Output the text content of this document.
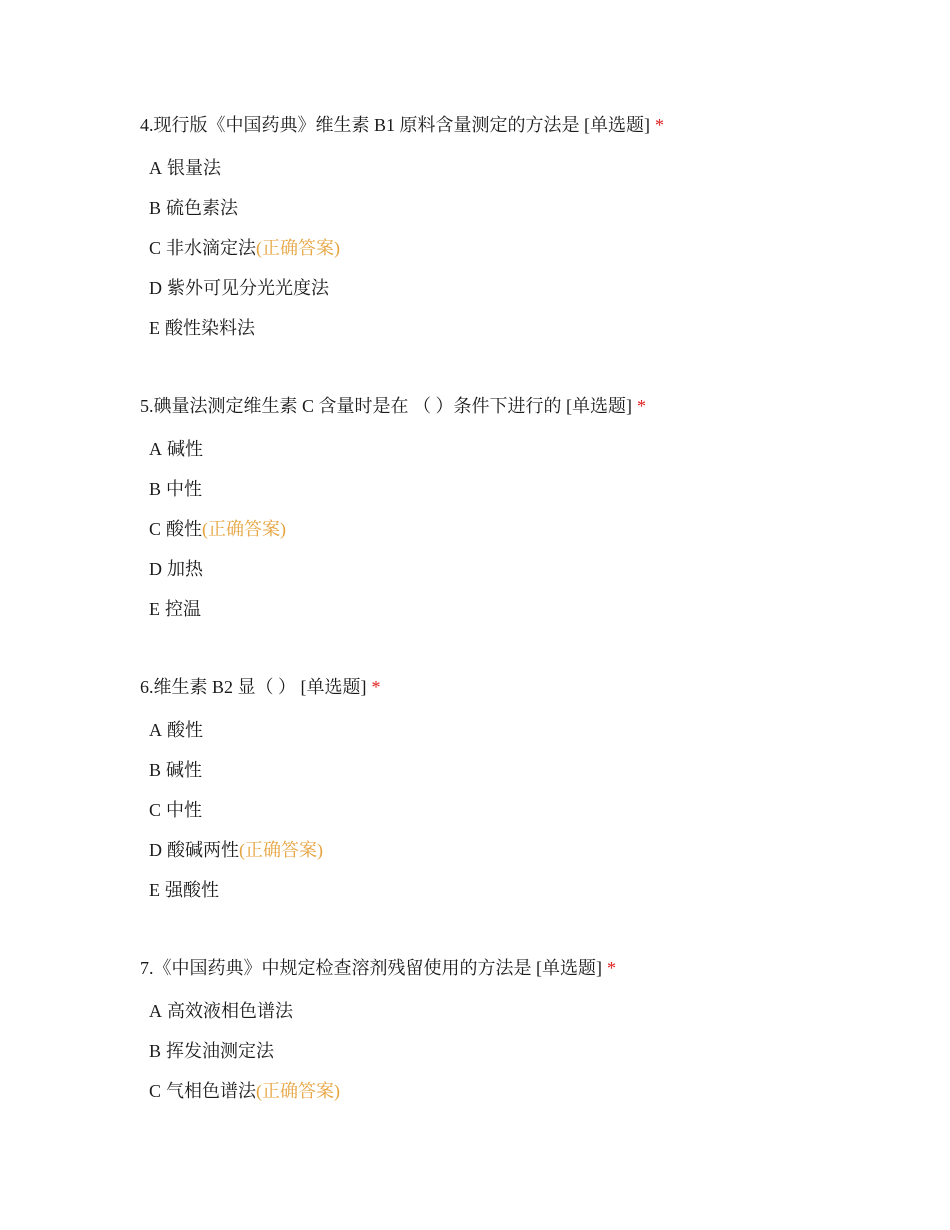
4.现行版《中国药典》维生素 B1 原料含量测定的方法是 [单选题] *
A 银量法
B 硫色素法
C 非水滴定法(正确答案)
D 紫外可见分光光度法
E 酸性染料法
5.碘量法测定维生素 C 含量时是在 （ ）条件下进行的 [单选题] *
A 碱性
B 中性
C 酸性(正确答案)
D 加热
E 控温
6.维生素 B2 显（ ） [单选题] *
A 酸性
B 碱性
C 中性
D 酸碱两性(正确答案)
E 强酸性
7.《中国药典》中规定检查溶剂残留使用的方法是 [单选题] *
A 高效液相色谱法
B 挥发油测定法
C 气相色谱法(正确答案)
